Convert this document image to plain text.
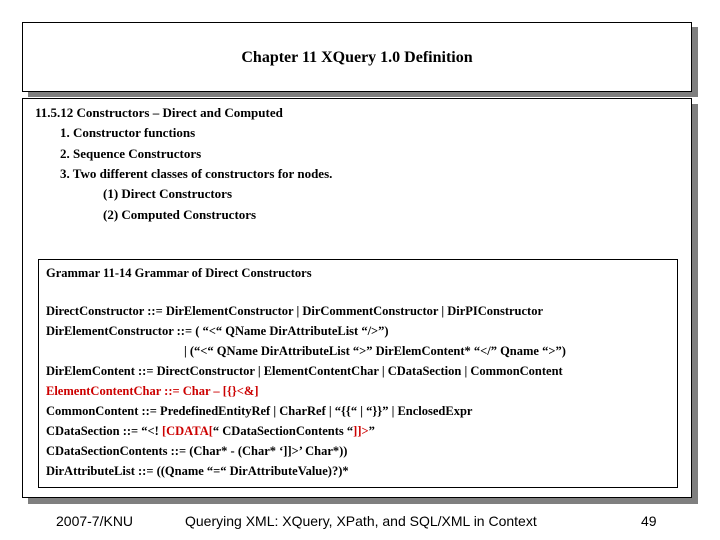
Chapter 11 XQuery 1.0 Definition
11.5.12 Constructors – Direct and Computed
1. Constructor functions
2. Sequence Constructors
3. Two different classes of constructors for nodes.
(1) Direct Constructors
(2) Computed Constructors
Grammar 11-14 Grammar of Direct Constructors
DirectConstructor ::= DirElementConstructor | DirCommentConstructor | DirPIConstructor
DirElementConstructor ::= ( “<“ QName DirAttributeList “/>”)
| (“<“ QName DirAttributeList “>” DirElemContent* “</” Qname “>”)
DirElemContent ::= DirectConstructor | ElementContentChar | CDataSection | CommonContent
ElementContentChar ::= Char – [{}<&]
CommonContent ::= PredefinedEntityRef | CharRef | “{{“ | “}}” | EnclosedExpr
CDataSection ::= “<! [CDATA[“ CDataSectionContents “]]>”
CDataSectionContents ::= (Char* - (Char* ‘]]>’ Char*))
DirAttributeList ::= ((Qname “=“ DirAttributeValue)?)*
2007-7/KNU	Querying XML: XQuery, XPath, and SQL/XML in Context	49
